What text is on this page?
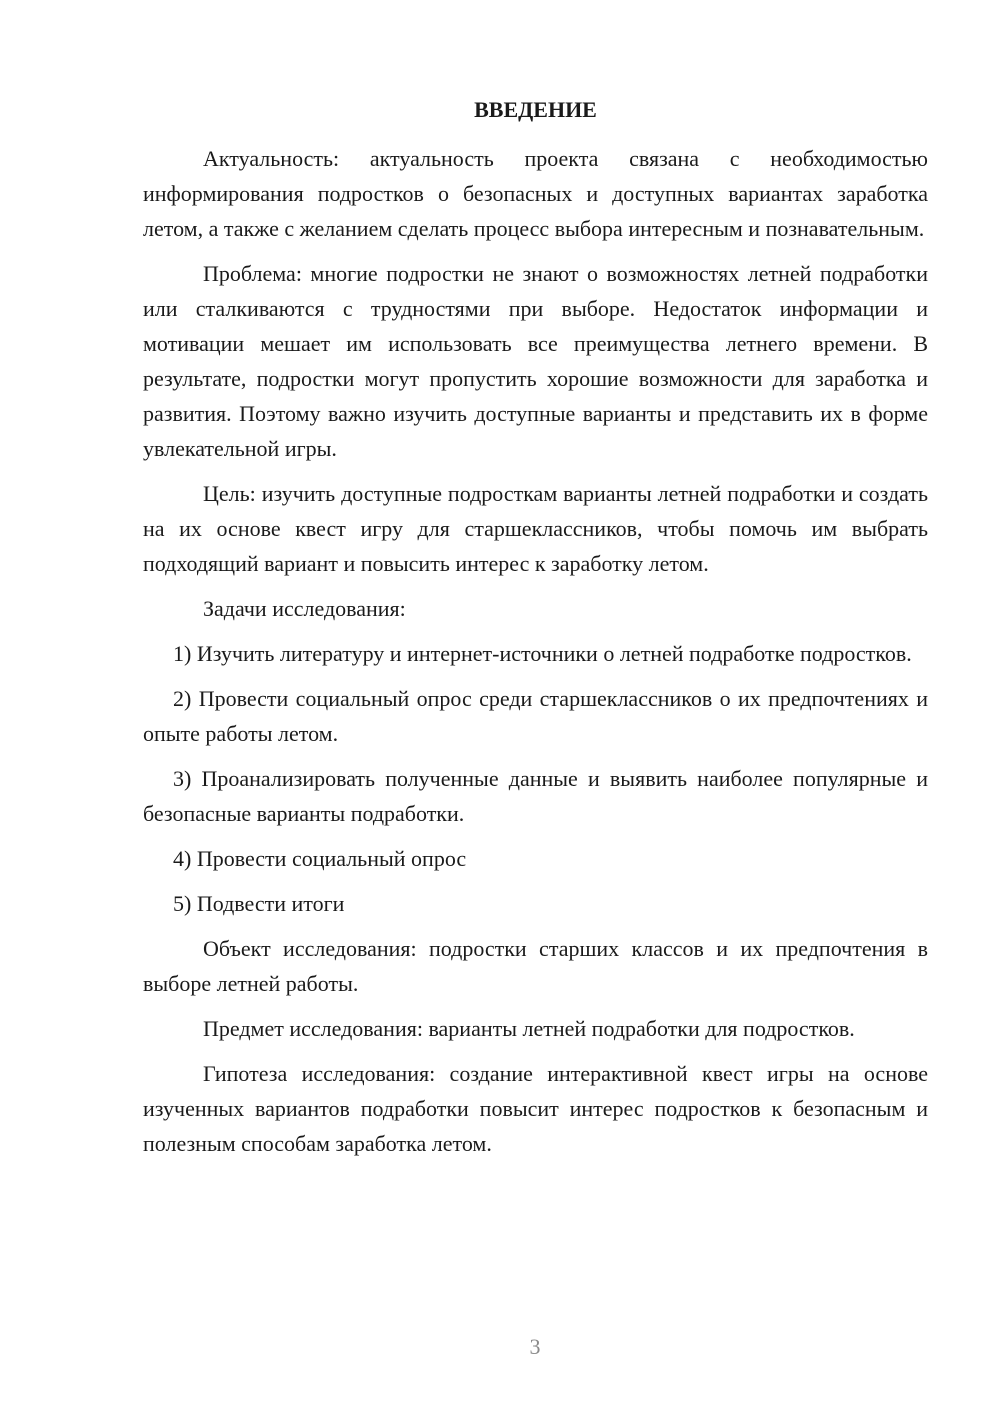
ВВЕДЕНИЕ

Актуальность: актуальность проекта связана с необходимостью информирования подростков о безопасных и доступных вариантах заработка летом, а также с желанием сделать процесс выбора интересным и познавательным.

Проблема: многие подростки не знают о возможностях летней подработки или сталкиваются с трудностями при выборе. Недостаток информации и мотивации мешает им использовать все преимущества летнего времени. В результате, подростки могут пропустить хорошие возможности для заработка и развития. Поэтому важно изучить доступные варианты и представить их в форме увлекательной игры.

Цель: изучить доступные подросткам варианты летней подработки и создать на их основе квест игру для старшеклассников, чтобы помочь им выбрать подходящий вариант и повысить интерес к заработку летом.

Задачи исследования:

1) Изучить литературу и интернет-источники о летней подработке подростков.

2) Провести социальный опрос среди старшеклассников о их предпочтениях и опыте работы летом.

3) Проанализировать полученные данные и выявить наиболее популярные и безопасные варианты подработки.

4) Провести социальный опрос

5) Подвести итоги

Объект исследования: подростки старших классов и их предпочтения в выборе летней работы.

Предмет исследования: варианты летней подработки для подростков.

Гипотеза исследования: создание интерактивной квест игры на основе изученных вариантов подработки повысит интерес подростков к безопасным и полезным способам заработка летом.

3
